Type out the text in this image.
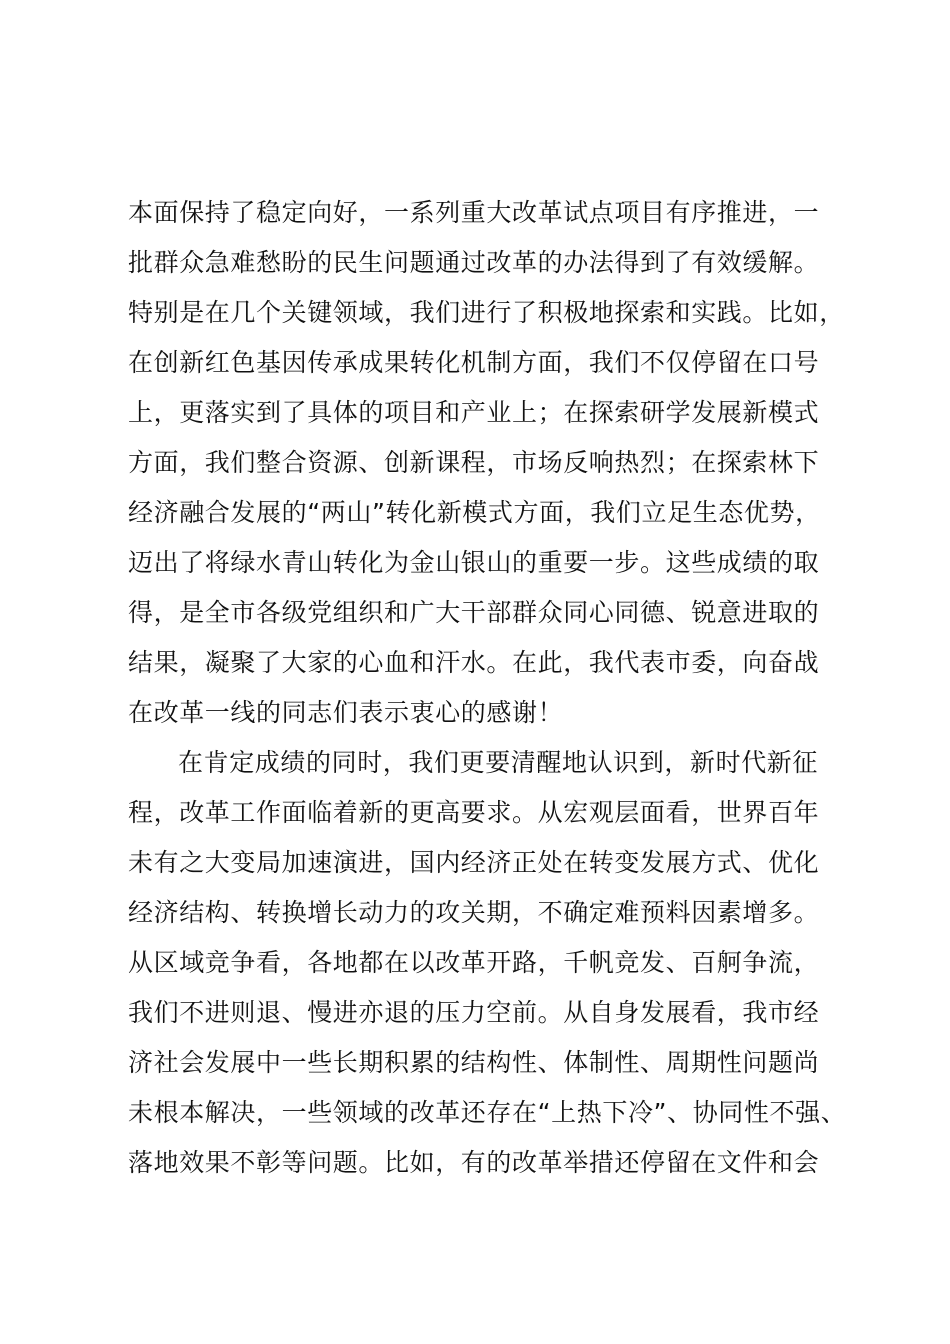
本面保持了稳定向好，一系列重大改革试点项目有序推进，一
批群众急难愁盼的民生问题通过改革的办法得到了有效缓解。
特别是在几个关键领域，我们进行了积极地探索和实践。比如，
在创新红色基因传承成果转化机制方面，我们不仅停留在口号
上，更落实到了具体的项目和产业上；在探索研学发展新模式
方面，我们整合资源、创新课程，市场反响热烈；在探索林下
经济融合发展的“两山”转化新模式方面，我们立足生态优势，
迈出了将绿水青山转化为金山银山的重要一步。这些成绩的取
得，是全市各级党组织和广大干部群众同心同德、锐意进取的
结果，凝聚了大家的心血和汗水。在此，我代表市委，向奋战
在改革一线的同志们表示衷心的感谢！
在肯定成绩的同时，我们更要清醒地认识到，新时代新征
程，改革工作面临着新的更高要求。从宏观层面看，世界百年
未有之大变局加速演进，国内经济正处在转变发展方式、优化
经济结构、转换增长动力的攻关期，不确定难预料因素增多。
从区域竞争看，各地都在以改革开路，千帆竞发、百舸争流，
我们不进则退、慢进亦退的压力空前。从自身发展看，我市经
济社会发展中一些长期积累的结构性、体制性、周期性问题尚
未根本解决，一些领域的改革还存在“上热下冷”、协同性不强、
落地效果不彰等问题。比如，有的改革举措还停留在文件和会
